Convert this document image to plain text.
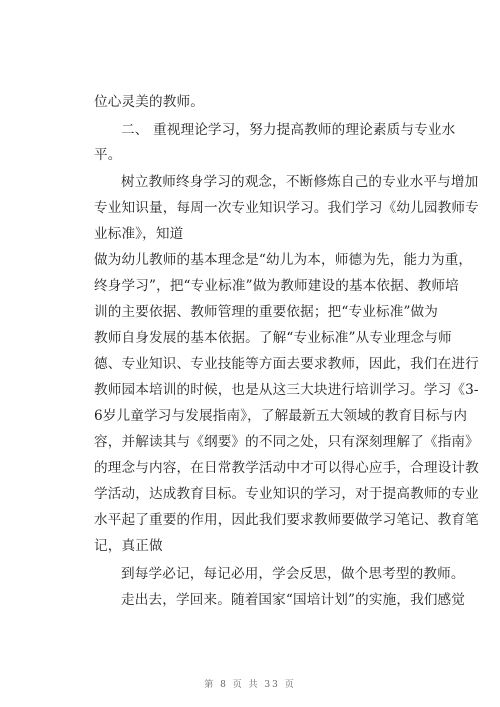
位心灵美的教师。
二、 重视理论学习，努力提高教师的理论素质与专业水
平。
树立教师终身学习的观念，不断修炼自己的专业水平与增加
专业知识量，每周一次专业知识学习。我们学习《幼儿园教师专
业标准》，知道
做为幼儿教师的基本理念是“幼儿为本，师德为先，能力为重，
终身学习”，把“专业标准”做为教师建设的基本依据、教师培
训的主要依据、教师管理的重要依据；把“专业标准”做为
教师自身发展的基本依据。了解“专业标准”从专业理念与师
德、专业知识、专业技能等方面去要求教师，因此，我们在进行
教师园本培训的时候，也是从这三大块进行培训学习。学习《3-
6岁儿童学习与发展指南》，了解最新五大领域的教育目标与内
容，并解读其与《纲要》的不同之处，只有深刻理解了《指南》
的理念与内容，在日常教学活动中才可以得心应手，合理设计教
学活动，达成教育目标。专业知识的学习，对于提高教师的专业
水平起了重要的作用，因此我们要求教师要做学习笔记、教育笔
记，真正做
到每学必记，每记必用，学会反思，做个思考型的教师。
走出去，学回来。随着国家“国培计划”的实施，我们感觉
第 8 页 共 33 页
